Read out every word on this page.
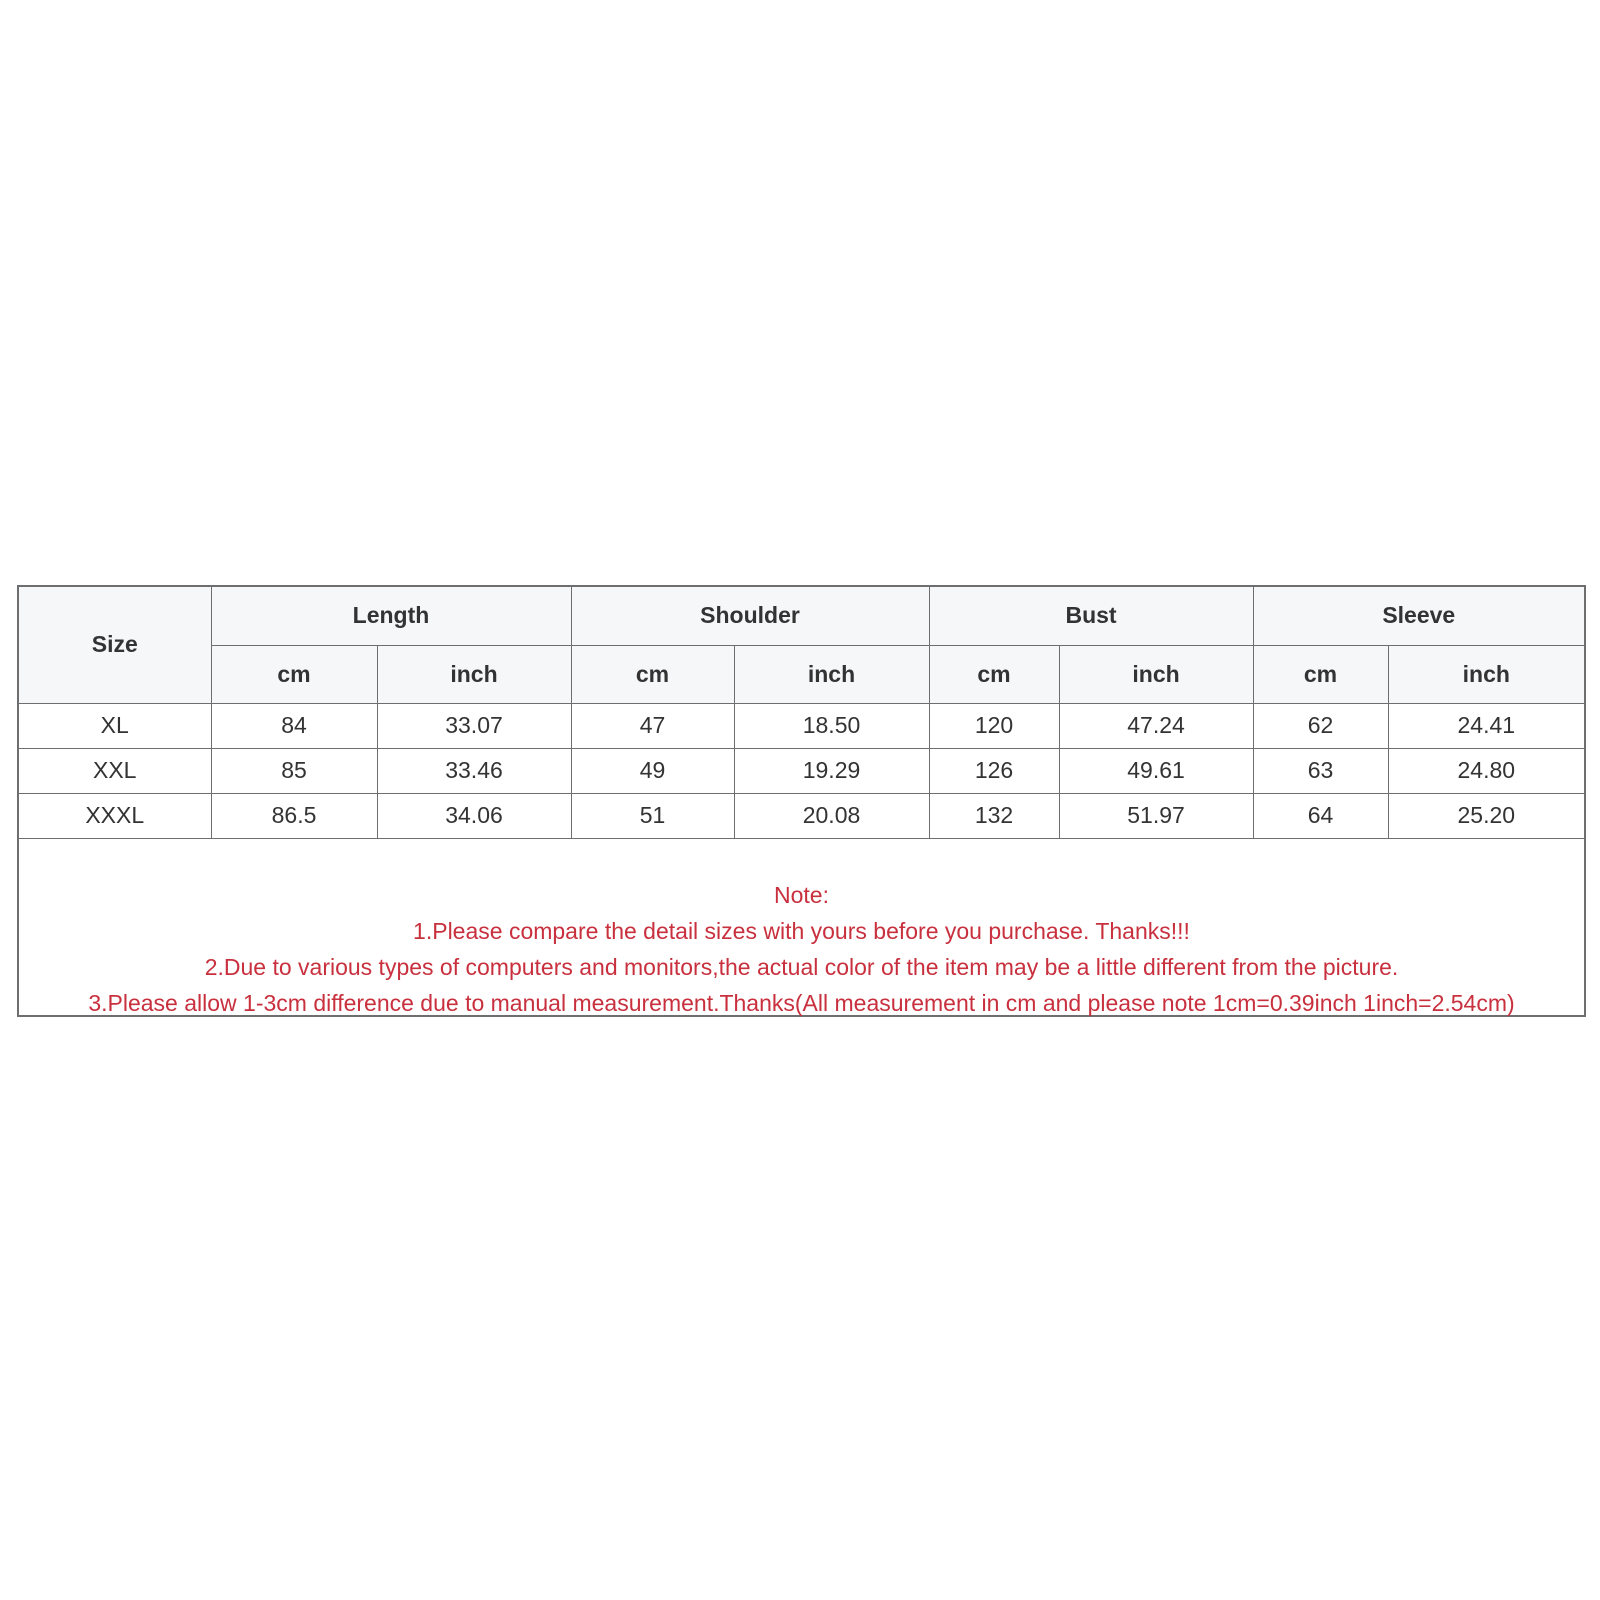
Size	Length		Shoulder		Bust		Sleeve	
	cm	inch	cm	inch	cm	inch	cm	inch
XL	84	33.07	47	18.50	120	47.24	62	24.41
XXL	85	33.46	49	19.29	126	49.61	63	24.80
XXXL	86.5	34.06	51	20.08	132	51.97	64	25.20
Note:
1.Please compare the detail sizes with yours before you purchase. Thanks!!!
2.Due to various types of computers and monitors,the actual color of the item may be a little different from the picture.
3.Please allow 1-3cm difference due to manual measurement.Thanks(All measurement in cm and please note 1cm=0.39inch 1inch=2.54cm)
